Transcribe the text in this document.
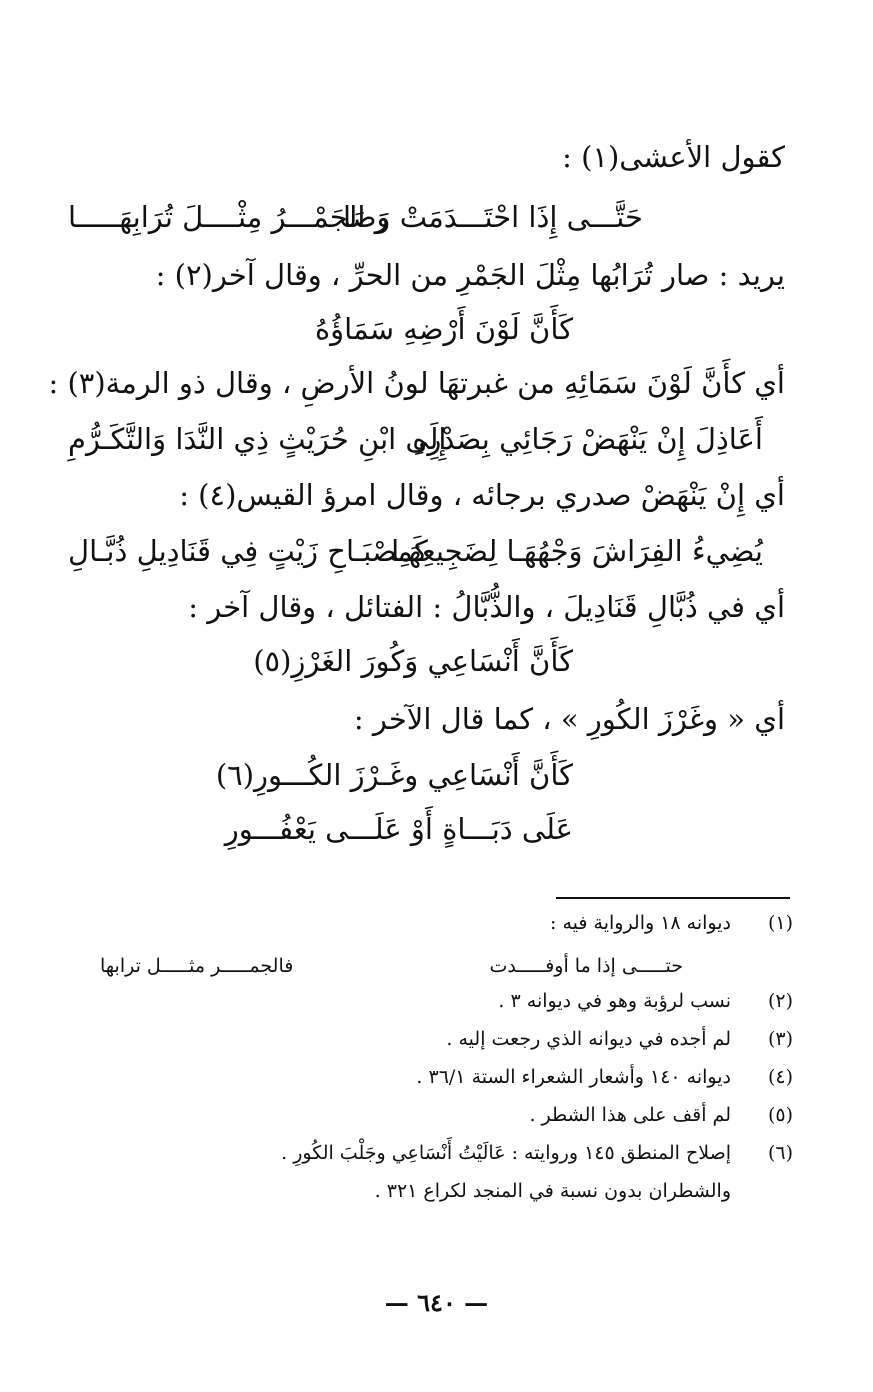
كقول الأعشى(١) :
حَتَّـــى إِذَا احْتَـــدَمَتْ وَصَا
رَ الجَمْـــرُ مِثْــــلَ تُرَابِهَـــــا
يريد : صار تُرَابُها مِثْلَ الجَمْرِ من الحرِّ ، وقال آخر(٢) :
كَأَنَّ لَوْنَ أَرْضِهِ سَمَاؤُهُ
أي كأَنَّ لَوْنَ سَمَائِهِ من غبرتهَا لونُ الأرضِ ، وقال ذو الرمة(٣) :
أَعَاذِلَ إِنْ يَنْهَضْ رَجَائِي بِصَدْرِهِ
إِلَى ابْنِ حُرَيْثٍ ذِي النَّدَا وَالتَّكَـرُّمِ
أي إِنْ يَنْهَضْ صدري برجائه ، وقال امرؤ القيس(٤) :
يُضِيءُ الفِرَاشَ وَجْهُهَـا لِضَجِيعِهَـا
كَمِصْبَـاحِ زَيْتٍ فِي قَنَادِيلِ ذُبَّـالِ
أي في ذُبَّالِ قَنَادِيلَ ، والذُّبَّالُ : الفتائل ، وقال آخر :
كَأَنَّ أَنْسَاعِي وَكُورَ الغَرْزِ(٥)
أي « وغَرْزَ الكُورِ » ، كما قال الآخر :
كَأَنَّ أَنْسَاعِي وغَـرْزَ الكُـــورِ(٦)
عَلَى دَبَـــاةٍ أَوْ عَلَـــى يَعْفُـــورِ
(١)ديوانه ١٨ والرواية فيه :
حتـــــى إذا ما أوفـــــدت
فالجمـــــر مثـــــل ترابها
(٢)نسب لرؤبة وهو في ديوانه ٣ .
(٣)لم أجده في ديوانه الذي رجعت إليه .
(٤)ديوانه ١٤٠ وأشعار الشعراء الستة ٣٦/١ .
(٥)لم أقف على هذا الشطر .
(٦)إصلاح المنطق ١٤٥ وروايته : عَالَيْتُ أَنْسَاعِي وجَلْبَ الكُورِ .
والشطران بدون نسبة في المنجد لكراع ٣٢١ .
— ٦٤٠ —
